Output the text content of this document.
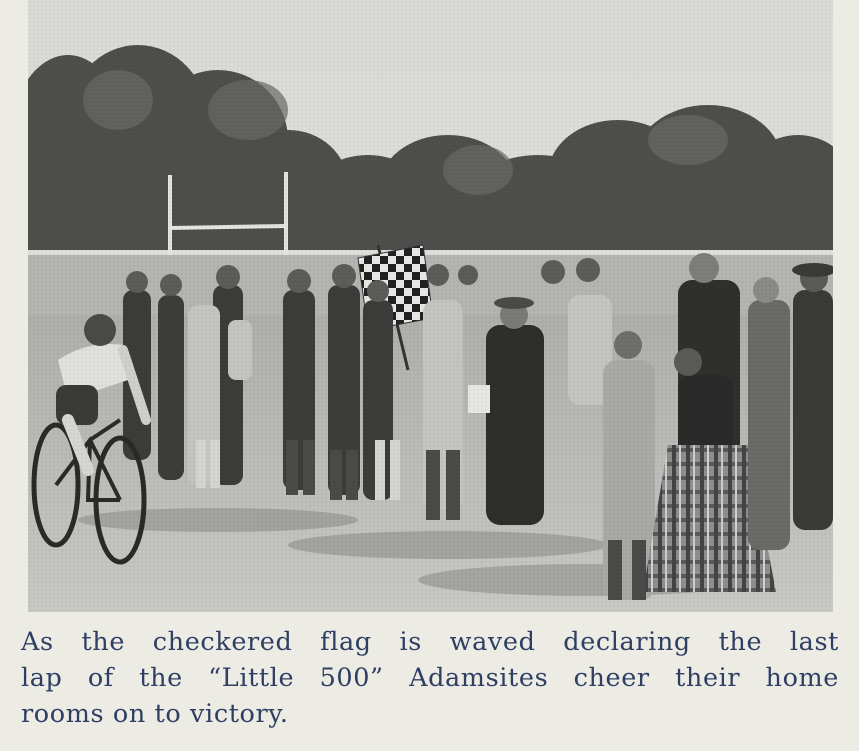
As the checkered flag is waved declaring the last
lap of the “Little 500” Adamsites cheer their home
rooms on to victory.
